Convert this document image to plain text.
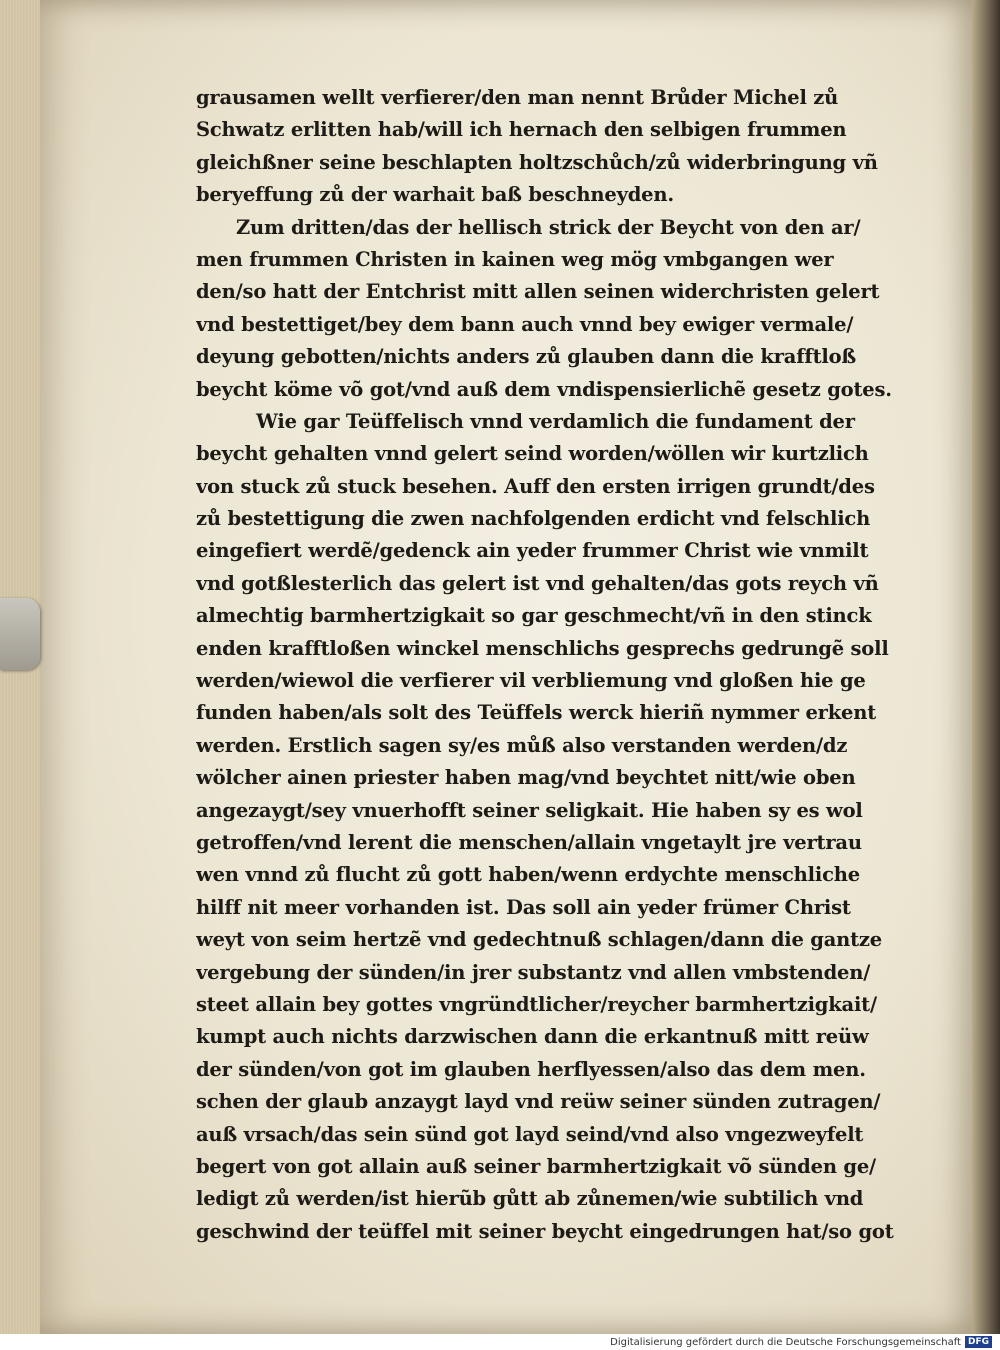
grausamen wellt verfierer/den man nennt Brůder Michel zů
Schwatz erlitten hab/will ich hernach den selbigen frummen
gleichßner seine beschlapten holtzschůch/zů widerbringung vñ
beryeffung zů der warhait baß beschneyden.
Zum dritten/das der hellisch strick der Beycht von den ar/
men frummen Christen in kainen weg mög vmbgangen wer
den/so hatt der Entchrist mitt allen seinen widerchristen gelert
vnd bestettiget/bey dem bann auch vnnd bey ewiger vermale/
deyung gebotten/nichts anders zů glauben dann die krafftloß
beycht köme võ got/vnd auß dem vndispensierlichẽ gesetz gotes.
Wie gar Teüffelisch vnnd verdamlich die fundament der
beycht gehalten vnnd gelert seind worden/wöllen wir kurtzlich
von stuck zů stuck besehen. Auff den ersten irrigen grundt/des
zů bestettigung die zwen nachfolgenden erdicht vnd felschlich
eingefiert werdẽ/gedenck ain yeder frummer Christ wie vnmilt
vnd gotßlesterlich das gelert ist vnd gehalten/das gots reych vñ
almechtig barmhertzigkait so gar geschmecht/vñ in den stinck
enden krafftloßen winckel menschlichs gesprechs gedrungẽ soll
werden/wiewol die verfierer vil verbliemung vnd gloßen hie ge
funden haben/als solt des Teüffels werck hieriñ nymmer erkent
werden. Erstlich sagen sy/es můß also verstanden werden/dz
wölcher ainen priester haben mag/vnd beychtet nitt/wie oben
angezaygt/sey vnuerhofft seiner seligkait. Hie haben sy es wol
getroffen/vnd lerent die menschen/allain vngetaylt jre vertrau
wen vnnd zů flucht zů gott haben/wenn erdychte menschliche
hilff nit meer vorhanden ist. Das soll ain yeder frümer Christ
weyt von seim hertzẽ vnd gedechtnuß schlagen/dann die gantze
vergebung der sünden/in jrer substantz vnd allen vmbstenden/
steet allain bey gottes vngründtlicher/reycher barmhertzigkait/
kumpt auch nichts darzwischen dann die erkantnuß mitt reüw
der sünden/von got im glauben herflyessen/also das dem men.
schen der glaub anzaygt layd vnd reüw seiner sünden zutragen/
auß vrsach/das sein sünd got layd seind/vnd also vngezweyfelt
begert von got allain auß seiner barmhertzigkait võ sünden ge/
ledigt zů werden/ist hierũb gůtt ab zůnemen/wie subtilich vnd
geschwind der teüffel mit seiner beycht eingedrungen hat/so got
Digitalisierung gefördert durch die Deutsche Forschungsgemeinschaft DFG
